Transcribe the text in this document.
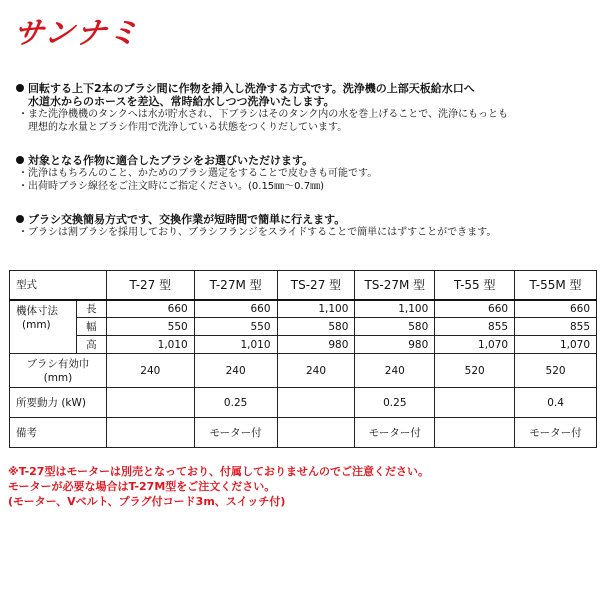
サンナミ
回転する上下2本のブラシ間に作物を挿入し洗浄する方式です。洗浄機の上部天板給水口へ
水道水からのホースを差込、常時給水しつつ洗浄いたします。
・ また洗浄機機のタンクへは水が貯水され、下ブラシはそのタンク内の水を巻上げることで、洗浄にもっとも
理想的な水量とブラシ作用で洗浄している状態をつくりだしています。
対象となる作物に適合したブラシをお選びいただけます。
・ 洗浄はもちろんのこと、かためのブラシ選定をすることで皮むきも可能です。
・ 出荷時ブラシ線径をご注文時にご指定ください。(0.15㎜～0.7㎜)
ブラシ交換簡易方式です、交換作業が短時間で簡単に行えます。
・ ブラシは割ブラシを採用しており、ブラシフランジをスライドすることで簡単にはずすことができます。
型式		T-27 型	T-27M 型	TS-27 型	TS-27M 型	T-55 型	T-55M 型

機体寸法
(mm)	長	660	660	1,100	1,100	660	660
	幅	550	550	580	580	855	855
	高	1,010	1,010	980	980	1,070	1,070

ブラシ有効巾
(mm)		240	240	240	240	520	520
所要動力 (kW)			0.25		0.25		0.4
備考			モーター付		モーター付		モーター付
※T-27型はモーターは別売となっており、付属しておりませんのでご注意ください。
モーターが必要な場合はT-27M型をご注文ください。
(モーター、Vベルト、プラグ付コード3m、スイッチ付)
